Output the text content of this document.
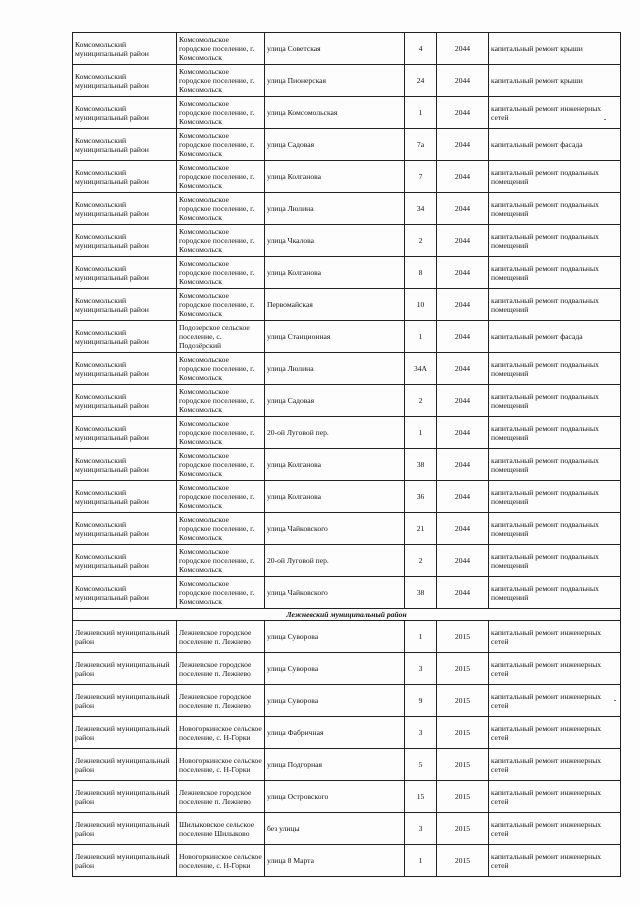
Комсомольский муниципальный район	Комсомольское городское поселение, г. Комсомольск	улица Советская	4	2044	капитальный ремонт крыши
Комсомольский муниципальный район	Комсомольское городское поселение, г. Комсомольск	улица Пионерская	24	2044	капитальный ремонт крыши
Комсомольский муниципальный район	Комсомольское городское поселение, г. Комсомольск	улица Комсомольская	1	2044	капитальный ремонт инженерных сетей
Комсомольский муниципальный район	Комсомольское городское поселение, г. Комсомольск	улица Садовая	7а	2044	капитальный ремонт фасада
Комсомольский муниципальный район	Комсомольское городское поселение, г. Комсомольск	улица Колганова	7	2044	капитальный ремонт подвальных помещений
Комсомольский муниципальный район	Комсомольское городское поселение, г. Комсомольск	улица Люлина	34	2044	капитальный ремонт подвальных помещений
Комсомольский муниципальный район	Комсомольское городское поселение, г. Комсомольск	улица Чкалова	2	2044	капитальный ремонт подвальных помещений
Комсомольский муниципальный район	Комсомольское городское поселение, г. Комсомольск	улица Колганова	8	2044	капитальный ремонт подвальных помещений
Комсомольский муниципальный район	Комсомольское городское поселение, г. Комсомольск	Первомайская	10	2044	капитальный ремонт подвальных помещений
Комсомольский муниципальный район	Подозерское сельское поселение, с. Подозёрский	улица Станционная	1	2044	капитальный ремонт фасада
Комсомольский муниципальный район	Комсомольское городское поселение, г. Комсомольск	улица Люлина	34А	2044	капитальный ремонт подвальных помещений
Комсомольский муниципальный район	Комсомольское городское поселение, г. Комсомольск	улица Садовая	2	2044	капитальный ремонт подвальных помещений
Комсомольский муниципальный район	Комсомольское городское поселение, г. Комсомольск	20-ой Луговой пер.	1	2044	капитальный ремонт подвальных помещений
Комсомольский муниципальный район	Комсомольское городское поселение, г. Комсомольск	улица Колганова	38	2044	капитальный ремонт подвальных помещений
Комсомольский муниципальный район	Комсомольское городское поселение, г. Комсомольск	улица Колганова	36	2044	капитальный ремонт подвальных помещений
Комсомольский муниципальный район	Комсомольское городское поселение, г. Комсомольск	улица Чайковского	21	2044	капитальный ремонт подвальных помещений
Комсомольский муниципальный район	Комсомольское городское поселение, г. Комсомольск	20-ой Луговой пер.	2	2044	капитальный ремонт подвальных помещений
Комсомольский муниципальный район	Комсомольское городское поселение, г. Комсомольск	улица Чайковского	38	2044	капитальный ремонт подвальных помещений
Лежневский муниципальный район					
Лежневский муниципальный район	Лежневское городское поселение п. Лежнево	улица Суворова	1	2015	капитальный ремонт инженерных сетей
Лежневский муниципальный район	Лежневское городское поселение п. Лежнево	улица Суворова	3	2015	капитальный ремонт инженерных сетей
Лежневский муниципальный район	Лежневское городское поселение п. Лежнево	улица Суворова	9	2015	капитальный ремонт инженерных сетей
Лежневский муниципальный район	Новогоркинское сельское поселение, с. Н-Горки	улица Фабричная	3	2015	капитальный ремонт инженерных сетей
Лежневский муниципальный район	Новогоркинское сельское поселение, с. Н-Горки	улица Подгорная	5	2015	капитальный ремонт инженерных сетей
Лежневский муниципальный район	Лежневское городское поселение п. Лежнево	улица Островского	15	2015	капитальный ремонт инженерных сетей
Лежневский муниципальный район	Шилыковское сельское поселение Шилыково	без улицы	3	2015	капитальный ремонт инженерных сетей
Лежневский муниципальный район	Новогоркинское сельское поселение, с. Н-Горки	улица 8 Марта	1	2015	капитальный ремонт инженерных сетей
